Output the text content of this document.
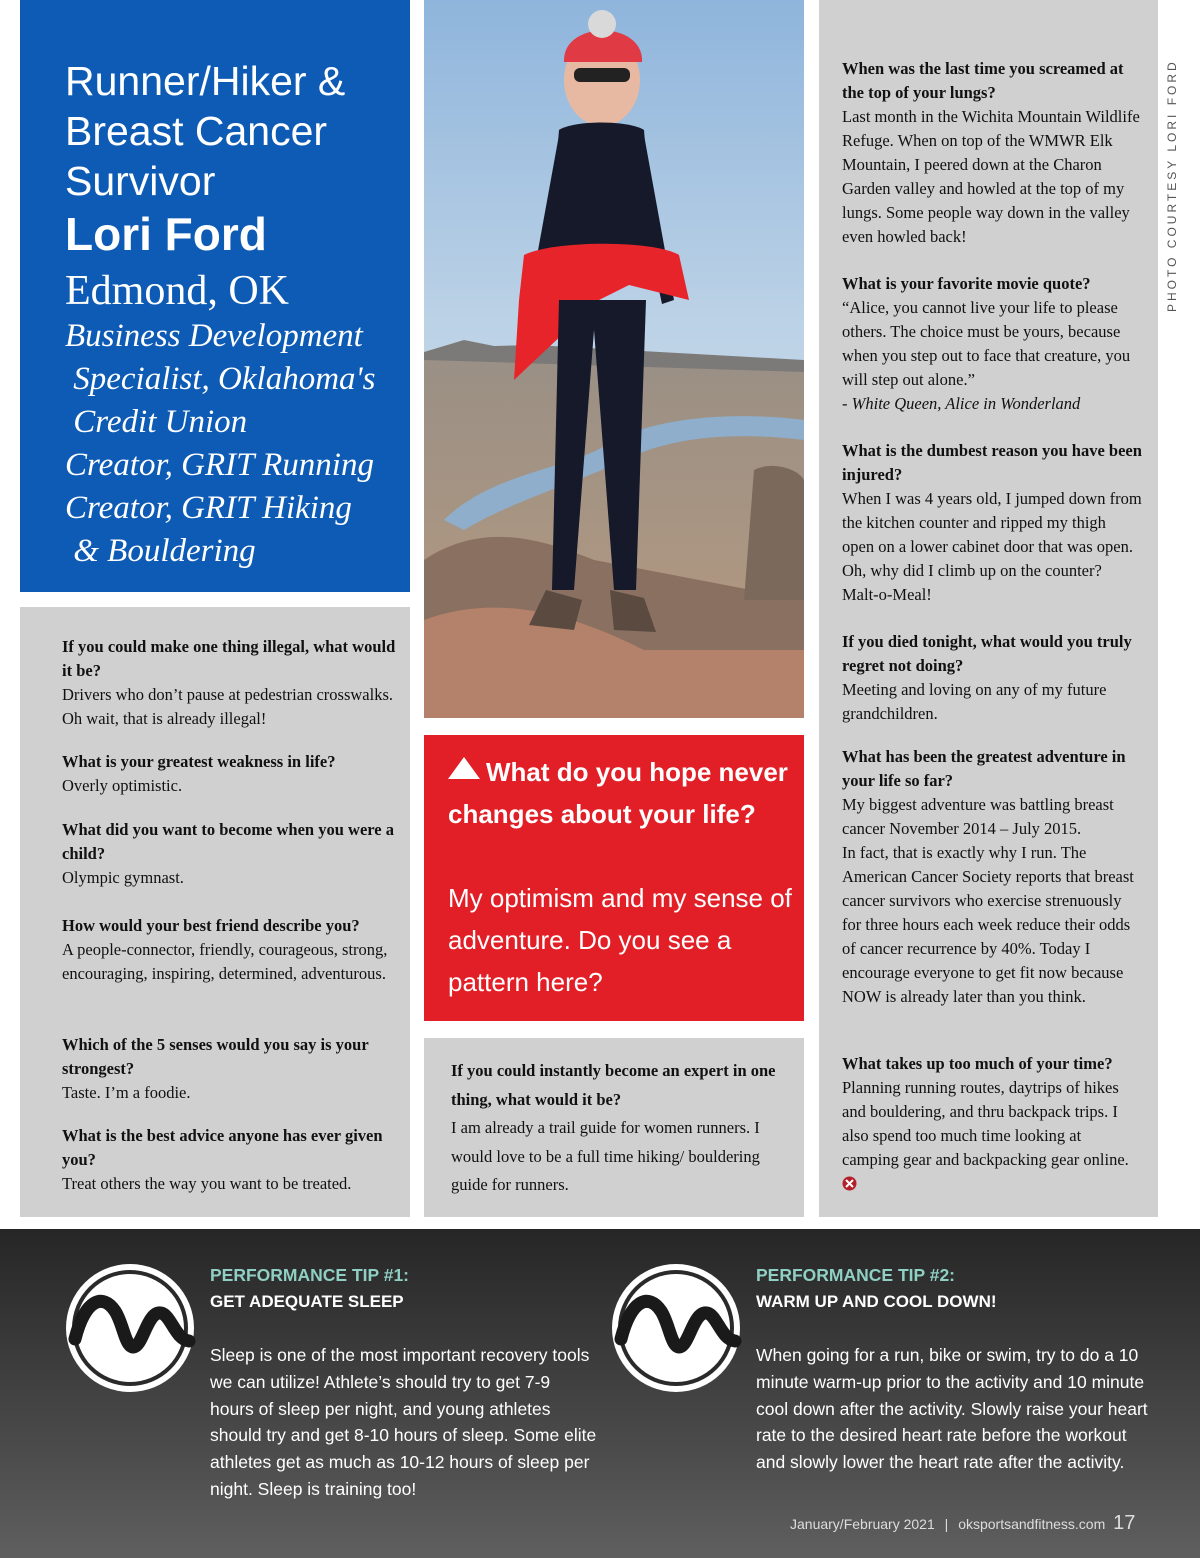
Runner/Hiker &
Breast Cancer
Survivor
Lori Ford
Edmond, OK
Business Development
Specialist, Oklahoma's
Credit Union
Creator, GRIT Running
Creator, GRIT Hiking
& Bouldering
PHOTO COURTESY LORI FORD
If you could make one thing illegal, what would it be?
Drivers who don’t pause at pedestrian crosswalks. Oh wait, that is already illegal!
What is your greatest weakness in life?
Overly optimistic.
What did you want to become when you were a child?
Olympic gymnast.
How would your best friend describe you?
A people-connector, friendly, courageous, strong, encouraging, inspiring, determined, adventurous.
Which of the 5 senses would you say is your strongest?
Taste. I’m a foodie.
What is the best advice anyone has ever given you?
Treat others the way you want to be treated.
What do you hope never changes about your life?
My optimism and my sense of adventure. Do you see a pattern here?
If you could instantly become an expert in one thing, what would it be?
I am already a trail guide for women runners. I would love to be a full time hiking/ bouldering guide for runners.
When was the last time you screamed at the top of your lungs?
Last month in the Wichita Mountain Wildlife Refuge. When on top of the WMWR Elk Mountain, I peered down at the Charon Garden valley and howled at the top of my lungs. Some people way down in the valley even howled back!
What is your favorite movie quote?
“Alice, you cannot live your life to please others. The choice must be yours, because when you step out to face that creature, you will step out alone.”
- White Queen, Alice in Wonderland
What is the dumbest reason you have been injured?
When I was 4 years old, I jumped down from the kitchen counter and ripped my thigh open on a lower cabinet door that was open. Oh, why did I climb up on the counter? Malt-o-Meal!
If you died tonight, what would you truly regret not doing?
Meeting and loving on any of my future grandchildren.
What has been the greatest adventure in your life so far?
My biggest adventure was battling breast cancer November 2014 – July 2015.
In fact, that is exactly why I run. The American Cancer Society reports that breast cancer survivors who exercise strenuously for three hours each week reduce their odds of cancer recurrence by 40%. Today I encourage everyone to get fit now because NOW is already later than you think.
What takes up too much of your time?
Planning running routes, daytrips of hikes and bouldering, and thru backpack trips. I also spend too much time looking at camping gear and backpacking gear online.
PERFORMANCE TIP #1:
GET ADEQUATE SLEEP
Sleep is one of the most important recovery tools we can utilize! Athlete’s should try to get 7-9 hours of sleep per night, and young athletes should try and get 8-10 hours of sleep. Some elite athletes get as much as 10-12 hours of sleep per night. Sleep is training too!
PERFORMANCE TIP #2:
WARM UP AND COOL DOWN!
When going for a run, bike or swim, try to do a 10 minute warm-up prior to the activity and 10 minute cool down after the activity. Slowly raise your heart rate to the desired heart rate before the workout and slowly lower the heart rate after the activity.
January/February 2021 | oksportsandfitness.com 17
